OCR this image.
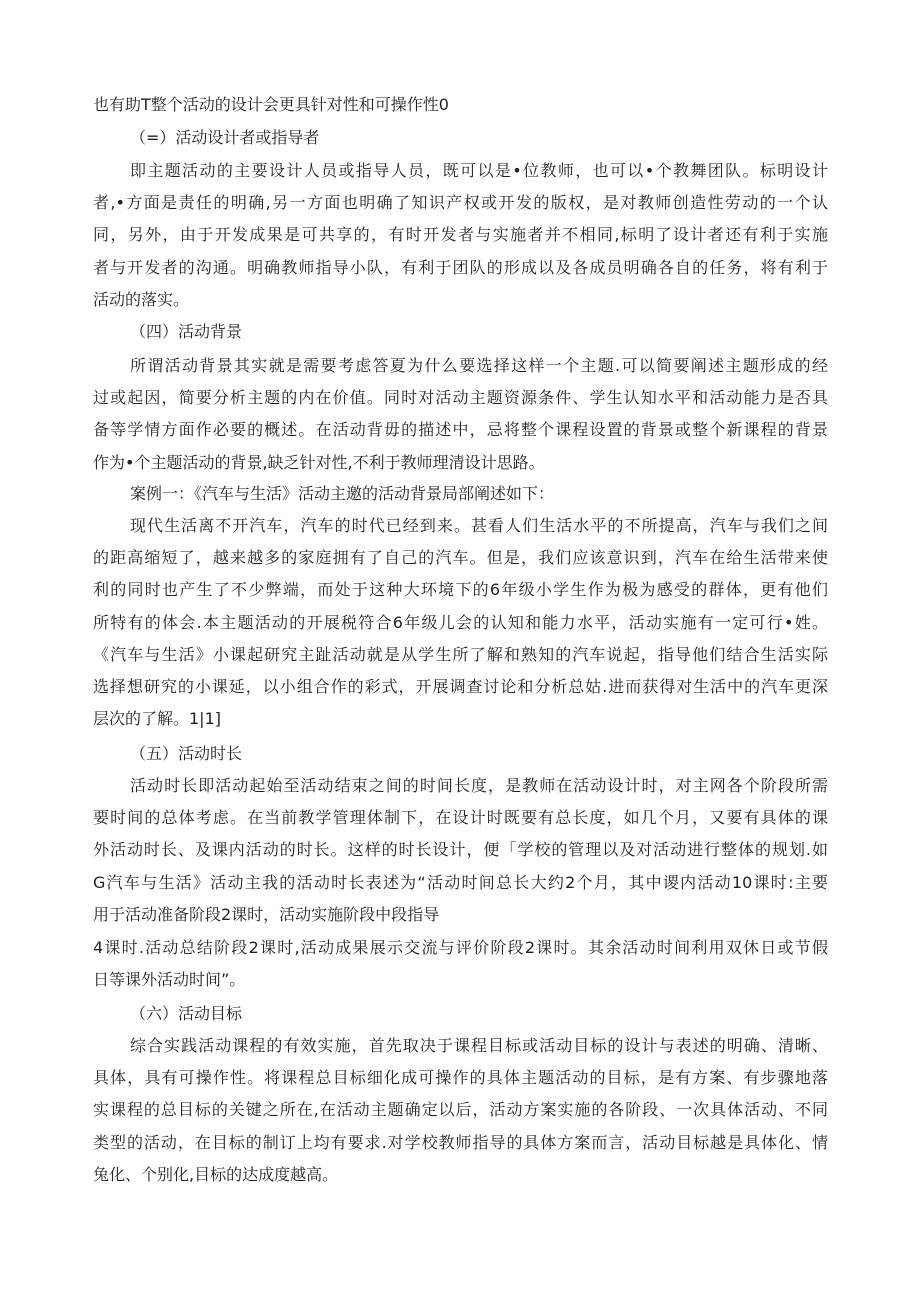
也有助T整个活动的设计会更具针对性和可操作性0
（=）活动设计者或指导者
即主题活动的主要设计人员或指导人员，既可以是•位教师，也可以•个教舞团队。标明设计
者,•方面是责任的明确,另一方面也明确了知识产权或开发的版权，是对教师创造性劳动的一个认
同，另外，由于开发成果是可共享的，有时开发者与实施者并不相同,标明了设计者还有利于实施
者与开发者的沟通。明确教师指导小队，有利于团队的形成以及各成员明确各自的任务，将有利于
活动的落实。
（四）活动背景
所谓活动背景其实就是需要考虑答夏为什么要选择这样一个主题.可以简要阐述主题形成的经
过或起因，简要分析主题的内在价值。同时对活动主题资源条件、学生认知水平和活动能力是否具
备等学情方面作必要的概述。在活动背毋的描述中，忌将整个课程设置的背景或整个新课程的背景
作为•个主题活动的背景,缺乏针对性,不利于教师理清设计思路。
案例一：《汽车与生活》活动主邀的活动背景局部阐述如下：
现代生活离不开汽车，汽车的时代已经到来。甚看人们生活水平的不所提高，汽车与我们之间
的距高缩短了，越来越多的家庭拥有了自己的汽车。但是，我们应该意识到，汽车在给生活带来使
利的同时也产生了不少弊端，而处于这种大环境下的6年级小学生作为极为感受的群体，更有他们
所特有的体会.本主题活动的开展税符合6年级儿会的认知和能力水平，活动实施有一定可行•姓。
《汽车与生活》小课起研究主趾活动就是从学生所了解和熟知的汽车说起，指导他们结合生活实际
选择想研究的小课延，以小组合作的彩式，开展调查讨论和分析总姑.进而获得对生活中的汽车更深
层次的了解。1|1]
（五）活动时长
活动时长即活动起始至活动结束之间的时间长度，是教师在活动设计时，对主网各个阶段所需
要时间的总体考虑。在当前教学管理体制下，在设计时既要有总长度，如几个月，又要有具体的课
外活动时长、及课内活动的时长。这样的时长设计，便「学校的管理以及对活动进行整体的规划.如
G汽车与生活》活动主我的活动时长表述为“活动时间总长大约2个月，其中谡内活动10课时:主要
用于活动准备阶段2课时，活动实施阶段中段指导
4课时.活动总结阶段2课时,活动成果展示交流与评价阶段2课时。其余活动时间利用双休日或节假
日等课外活动时间”。
（六）活动目标
综合实践活动课程的有效实施，首先取决于课程目标或活动目标的设计与表述的明确、清晰、
具体，具有可操作性。将课程总目标细化成可操作的具体主题活动的目标，是有方案、有步骤地落
实课程的总目标的关键之所在,在活动主题确定以后，活动方案实施的各阶段、一次具体活动、不同
类型的活动，在目标的制订上均有要求.对学校教师指导的具体方案而言，活动目标越是具体化、情
兔化、个别化,目标的达成度越高。
